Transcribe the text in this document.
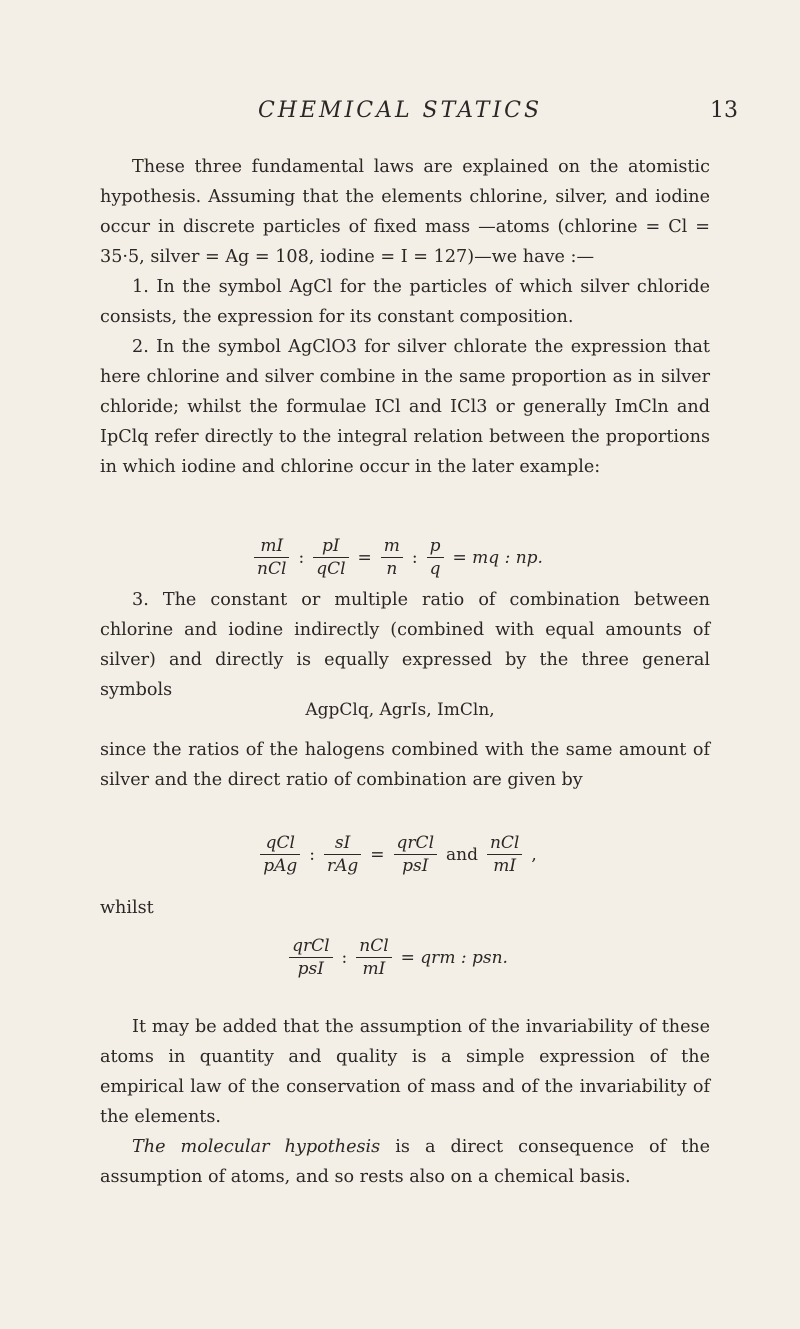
CHEMICAL STATICS	13

These three fundamental laws are explained on the atomistic hypothesis. Assuming that the elements chlorine, silver, and iodine occur in discrete particles of fixed mass —atoms (chlorine = Cl = 35·5, silver = Ag = 108, iodine = I = 127)—we have :—

1. In the symbol AgCl for the particles of which silver chloride consists, the expression for its constant composition.

2. In the symbol AgClO3 for silver chlorate the expression that here chlorine and silver combine in the same proportion as in silver chloride; whilst the formulae ICl and ICl3 or generally ImCln and IpClq refer directly to the integral relation between the proportions in which iodine and chlorine occur in the later example:

$\frac{mI}{\text{nCl}}$ : $\frac{pI}{\text{qCl}} = \frac{m}{n}$ : $\frac{p}{q}$ = mq : np.

3. The constant or multiple ratio of combination between chlorine and iodine indirectly (combined with equal amounts of silver) and directly is equally expressed by the three general symbols

AgpClq, AgrIs, ImCln,

since the ratios of the halogens combined with the same amount of silver and the direct ratio of combination are given by

$\frac{\text{qCl}}{\text{pAg}}$ : $\frac{sI}{\text{rAg}} = \frac{\text{qrCl}}{\text{psI}}$ and $\frac{\text{nCl}}{mI}$ ,

whilst

$\frac{\text{qrCl}}{\text{psI}}$ : $\frac{\text{nCl}}{mI}$ = qrm : psn.

It may be added that the assumption of the invariability of these atoms in quantity and quality is a simple expression of the empirical law of the conservation of mass and of the invariability of the elements.

The molecular hypothesis is a direct consequence of the assumption of atoms, and so rests also on a chemical basis.
